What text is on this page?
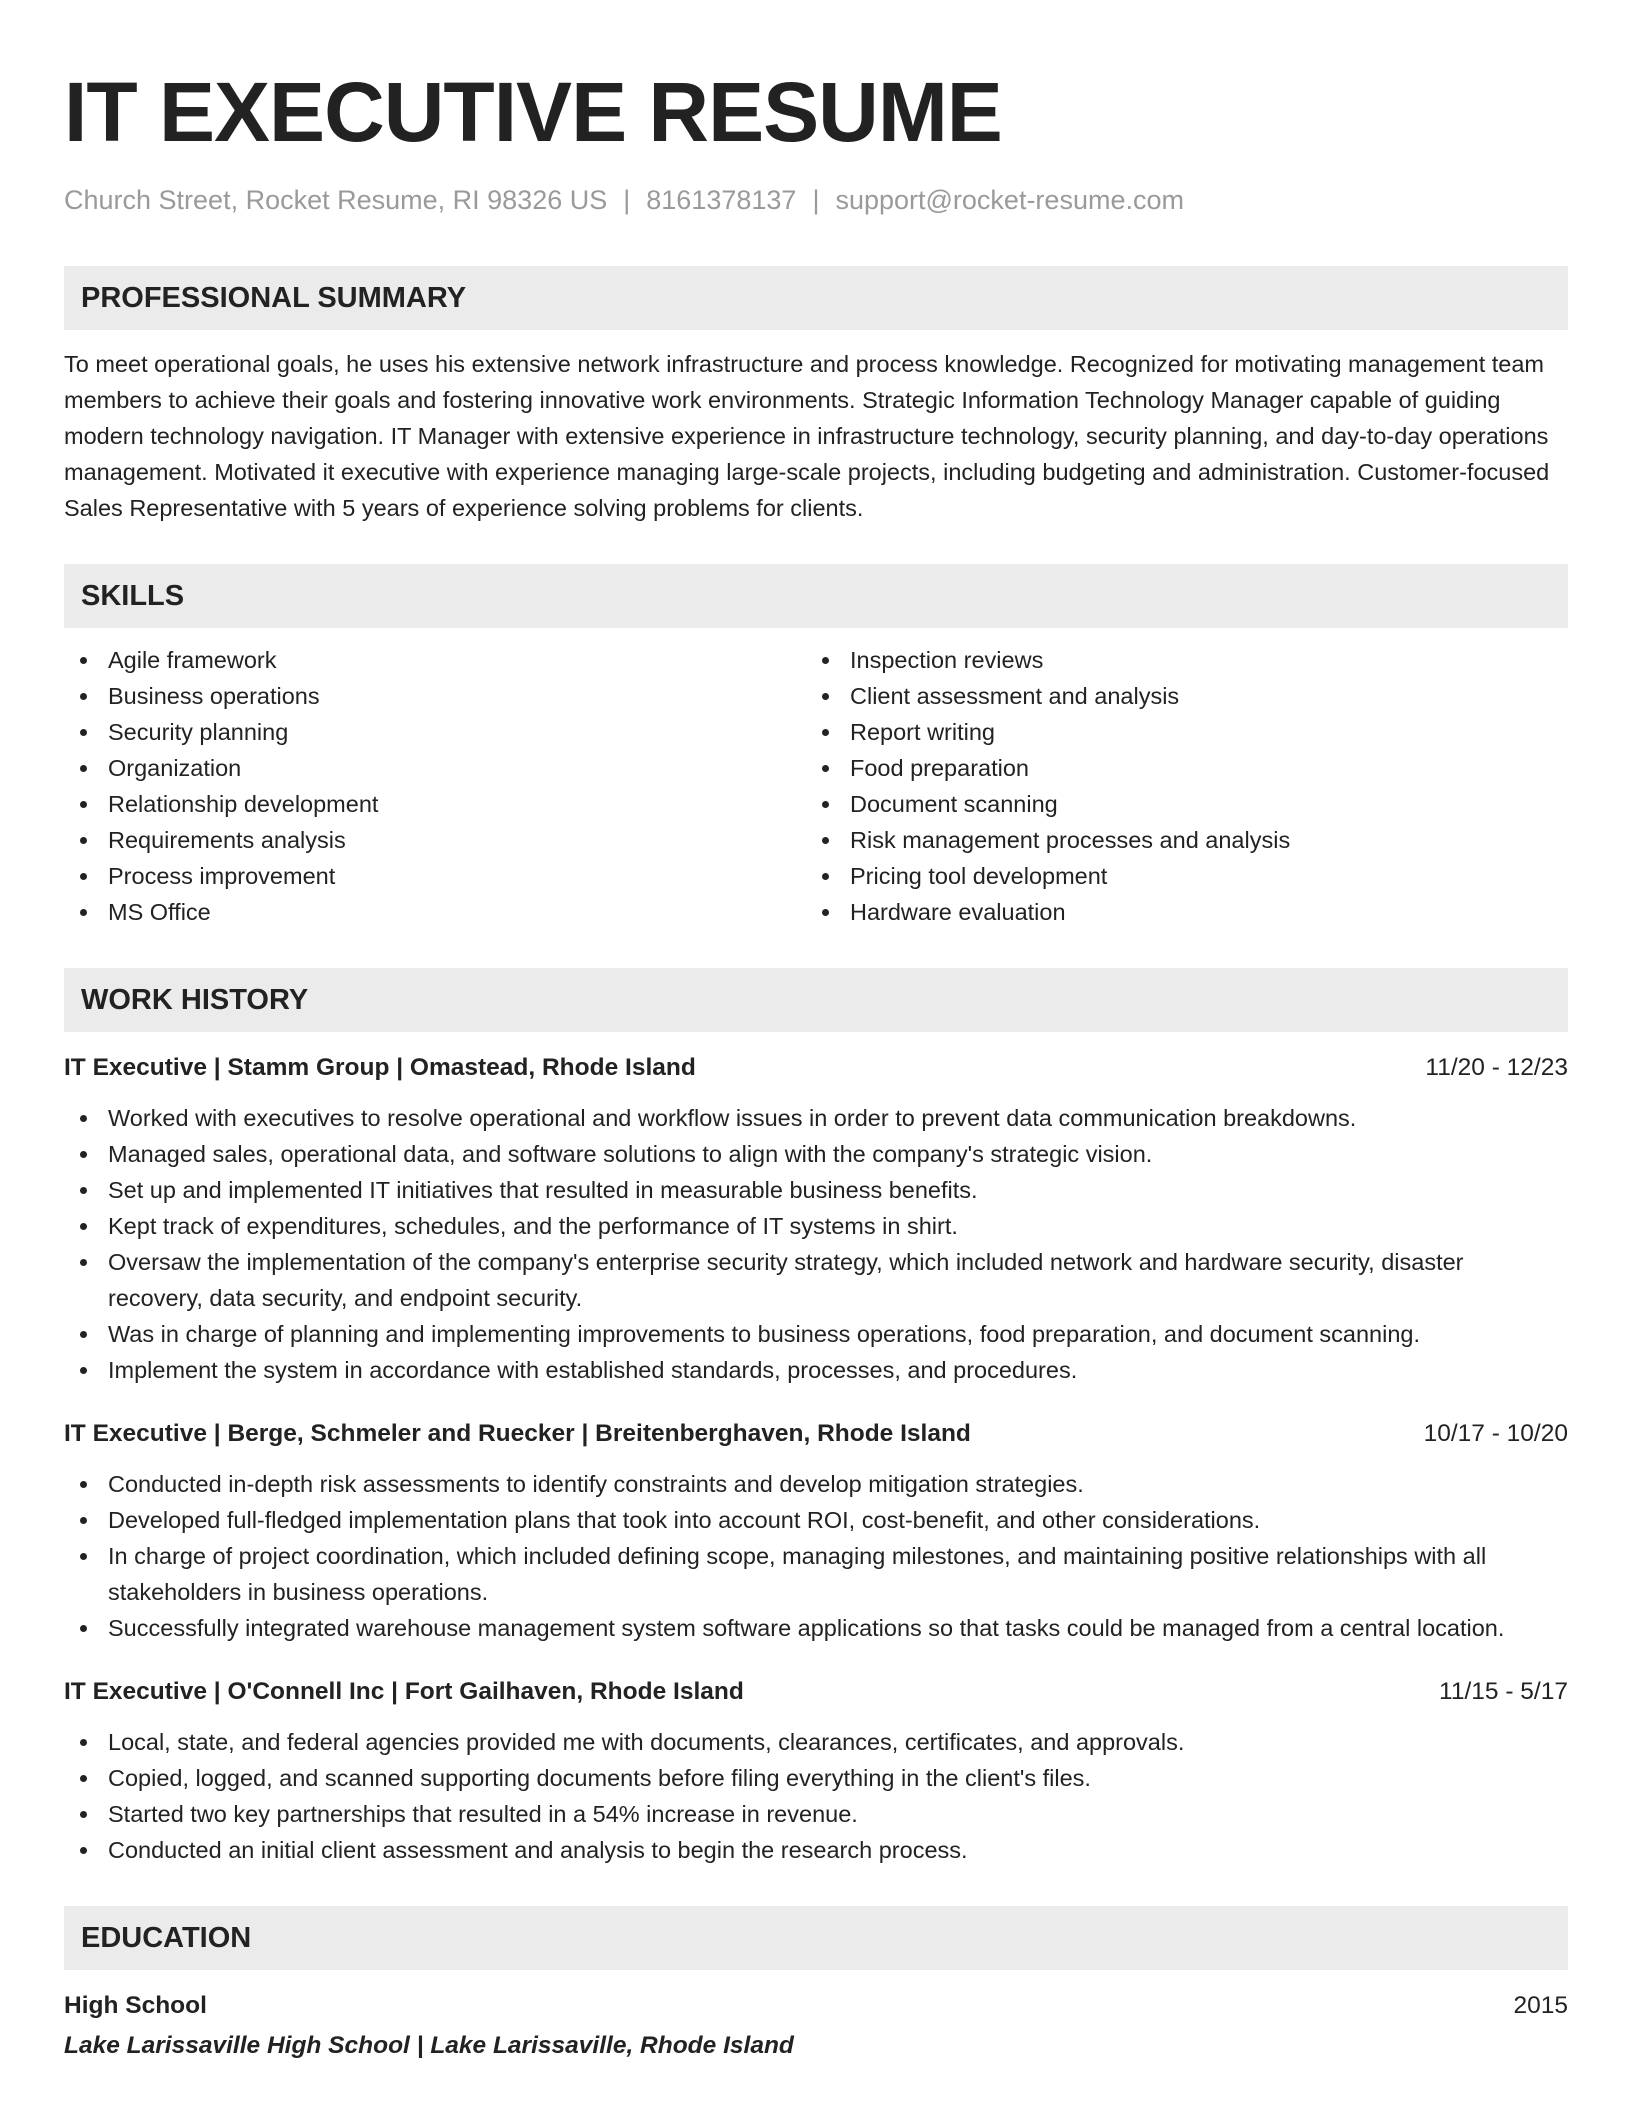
IT EXECUTIVE RESUME
Church Street, Rocket Resume, RI 98326 US | 8161378137 | support@rocket-resume.com
PROFESSIONAL SUMMARY

To meet operational goals, he uses his extensive network infrastructure and process knowledge. Recognized for motivating management team members to achieve their goals and fostering innovative work environments. Strategic Information Technology Manager capable of guiding modern technology navigation. IT Manager with extensive experience in infrastructure technology, security planning, and day-to-day operations management. Motivated it executive with experience managing large-scale projects, including budgeting and administration. Customer-focused Sales Representative with 5 years of experience solving problems for clients.

SKILLS
Agile framework
Business operations
Security planning
Organization
Relationship development
Requirements analysis
Process improvement
MS Office
Inspection reviews
Client assessment and analysis
Report writing
Food preparation
Document scanning
Risk management processes and analysis
Pricing tool development
Hardware evaluation
WORK HISTORY
IT Executive | Stamm Group | Omastead, Rhode Island	11/20 - 12/23
Worked with executives to resolve operational and workflow issues in order to prevent data communication breakdowns.
Managed sales, operational data, and software solutions to align with the company's strategic vision.
Set up and implemented IT initiatives that resulted in measurable business benefits.
Kept track of expenditures, schedules, and the performance of IT systems in shirt.
Oversaw the implementation of the company's enterprise security strategy, which included network and hardware security, disaster recovery, data security, and endpoint security.
Was in charge of planning and implementing improvements to business operations, food preparation, and document scanning.
Implement the system in accordance with established standards, processes, and procedures.
IT Executive | Berge, Schmeler and Ruecker | Breitenberghaven, Rhode Island	10/17 - 10/20
Conducted in-depth risk assessments to identify constraints and develop mitigation strategies.
Developed full-fledged implementation plans that took into account ROI, cost-benefit, and other considerations.
In charge of project coordination, which included defining scope, managing milestones, and maintaining positive relationships with all stakeholders in business operations.
Successfully integrated warehouse management system software applications so that tasks could be managed from a central location.
IT Executive | O'Connell Inc | Fort Gailhaven, Rhode Island	11/15 - 5/17
Local, state, and federal agencies provided me with documents, clearances, certificates, and approvals.
Copied, logged, and scanned supporting documents before filing everything in the client's files.
Started two key partnerships that resulted in a 54% increase in revenue.
Conducted an initial client assessment and analysis to begin the research process.
EDUCATION
High School	2015
Lake Larissaville High School | Lake Larissaville, Rhode Island
